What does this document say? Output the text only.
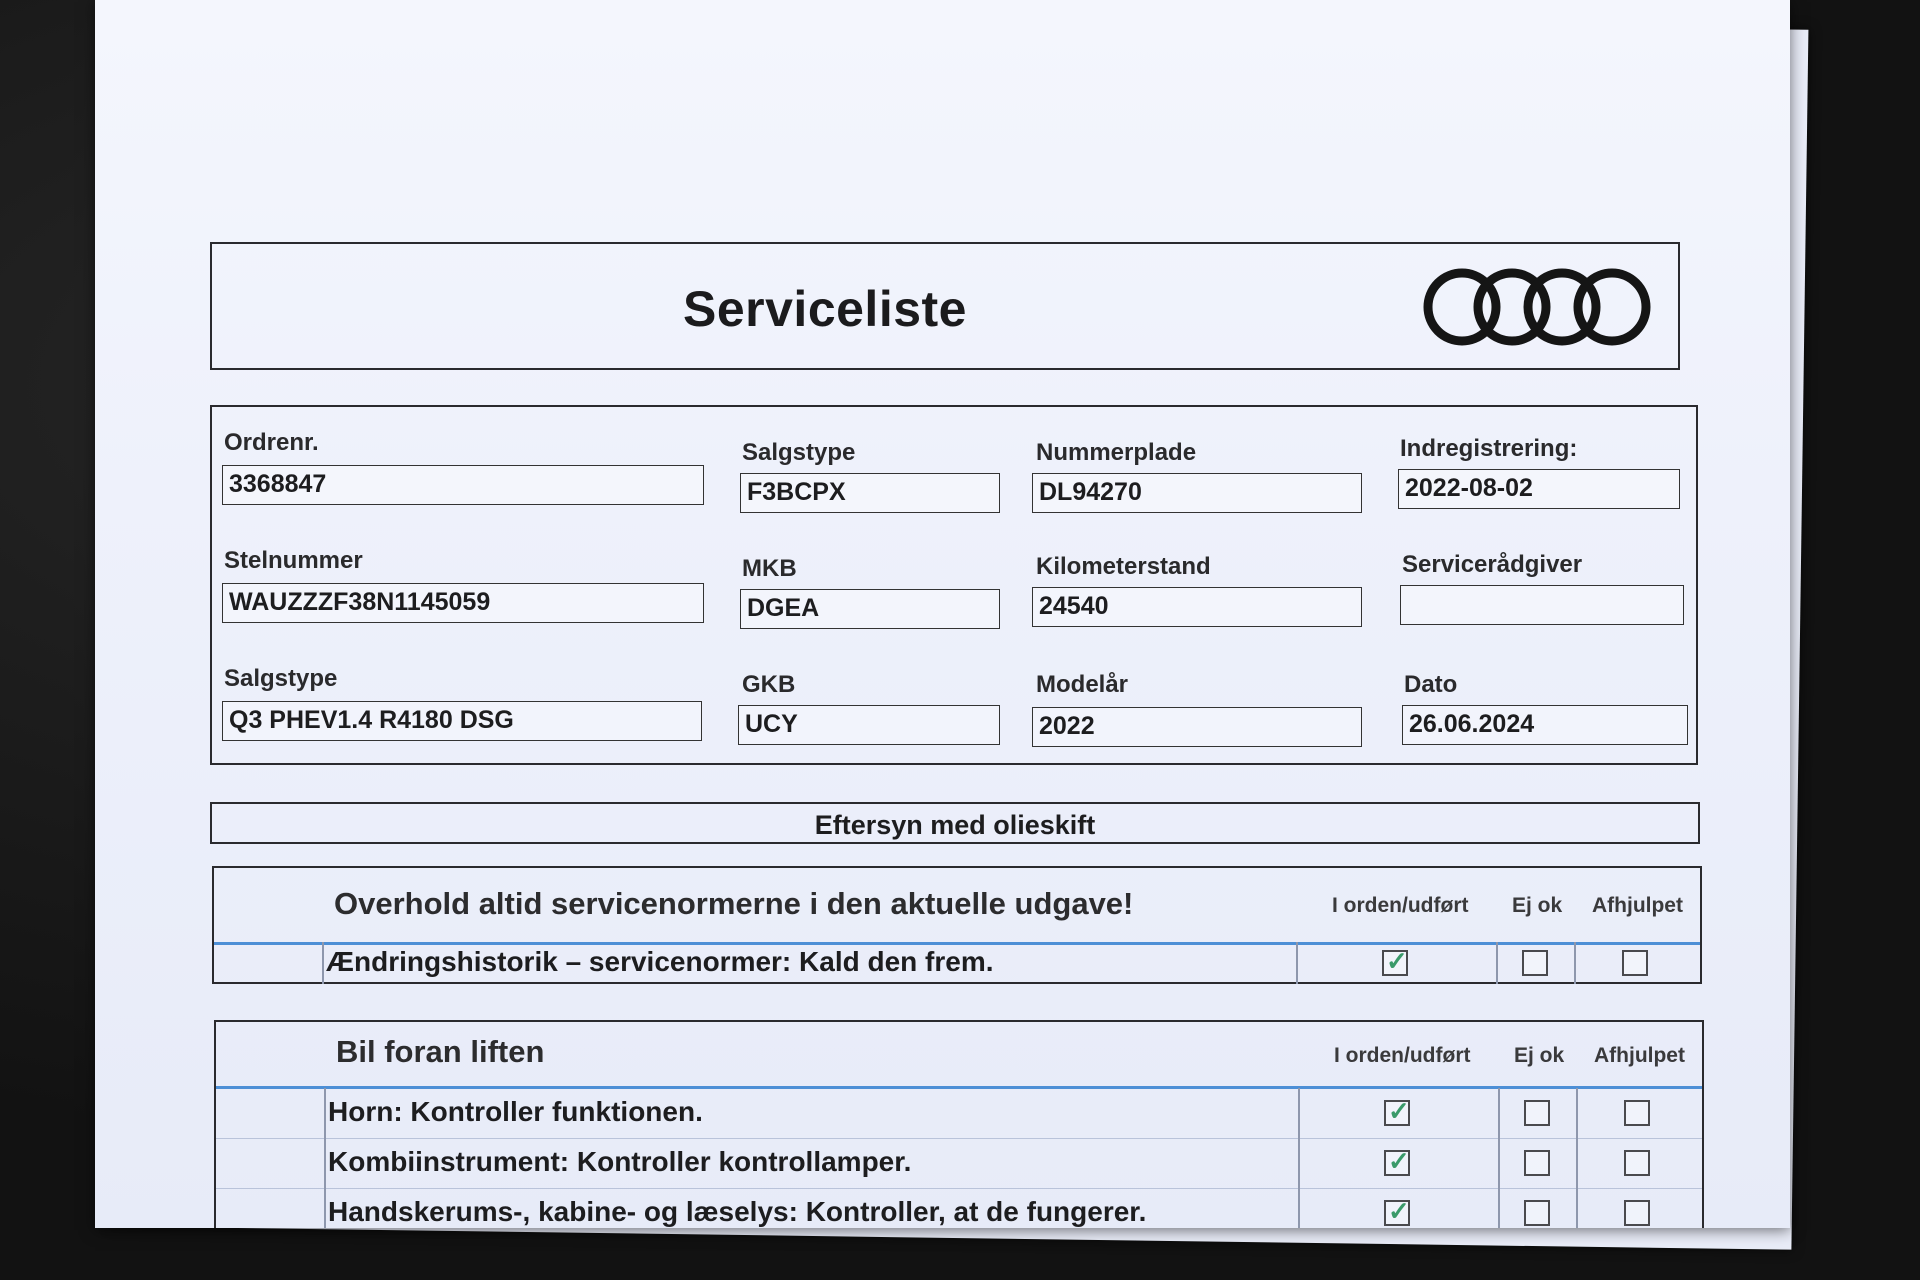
Serviceliste
Ordrenr.
3368847
Salgstype
F3BCPX
Nummerplade
DL94270
Indregistrering:
2022-08-02
Stelnummer
WAUZZZF38N1145059
MKB
DGEA
Kilometerstand
24540
Servicerådgiver
Salgstype
Q3 PHEV1.4 R4180 DSG
GKB
UCY
Modelår
2022
Dato
26.06.2024
Eftersyn med olieskift
Overhold altid servicenormerne i den aktuelle udgave!	I orden/udført Ej ok Afhjulpet
Ændringshistorik – servicenormer: Kald den frem.	✓
Bil foran liften	I orden/udført Ej ok Afhjulpet
Horn: Kontroller funktionen.	✓
Kombiinstrument: Kontroller kontrollamper.	✓
Handskerums-, kabine- og læselys: Kontroller, at de fungerer.	✓
